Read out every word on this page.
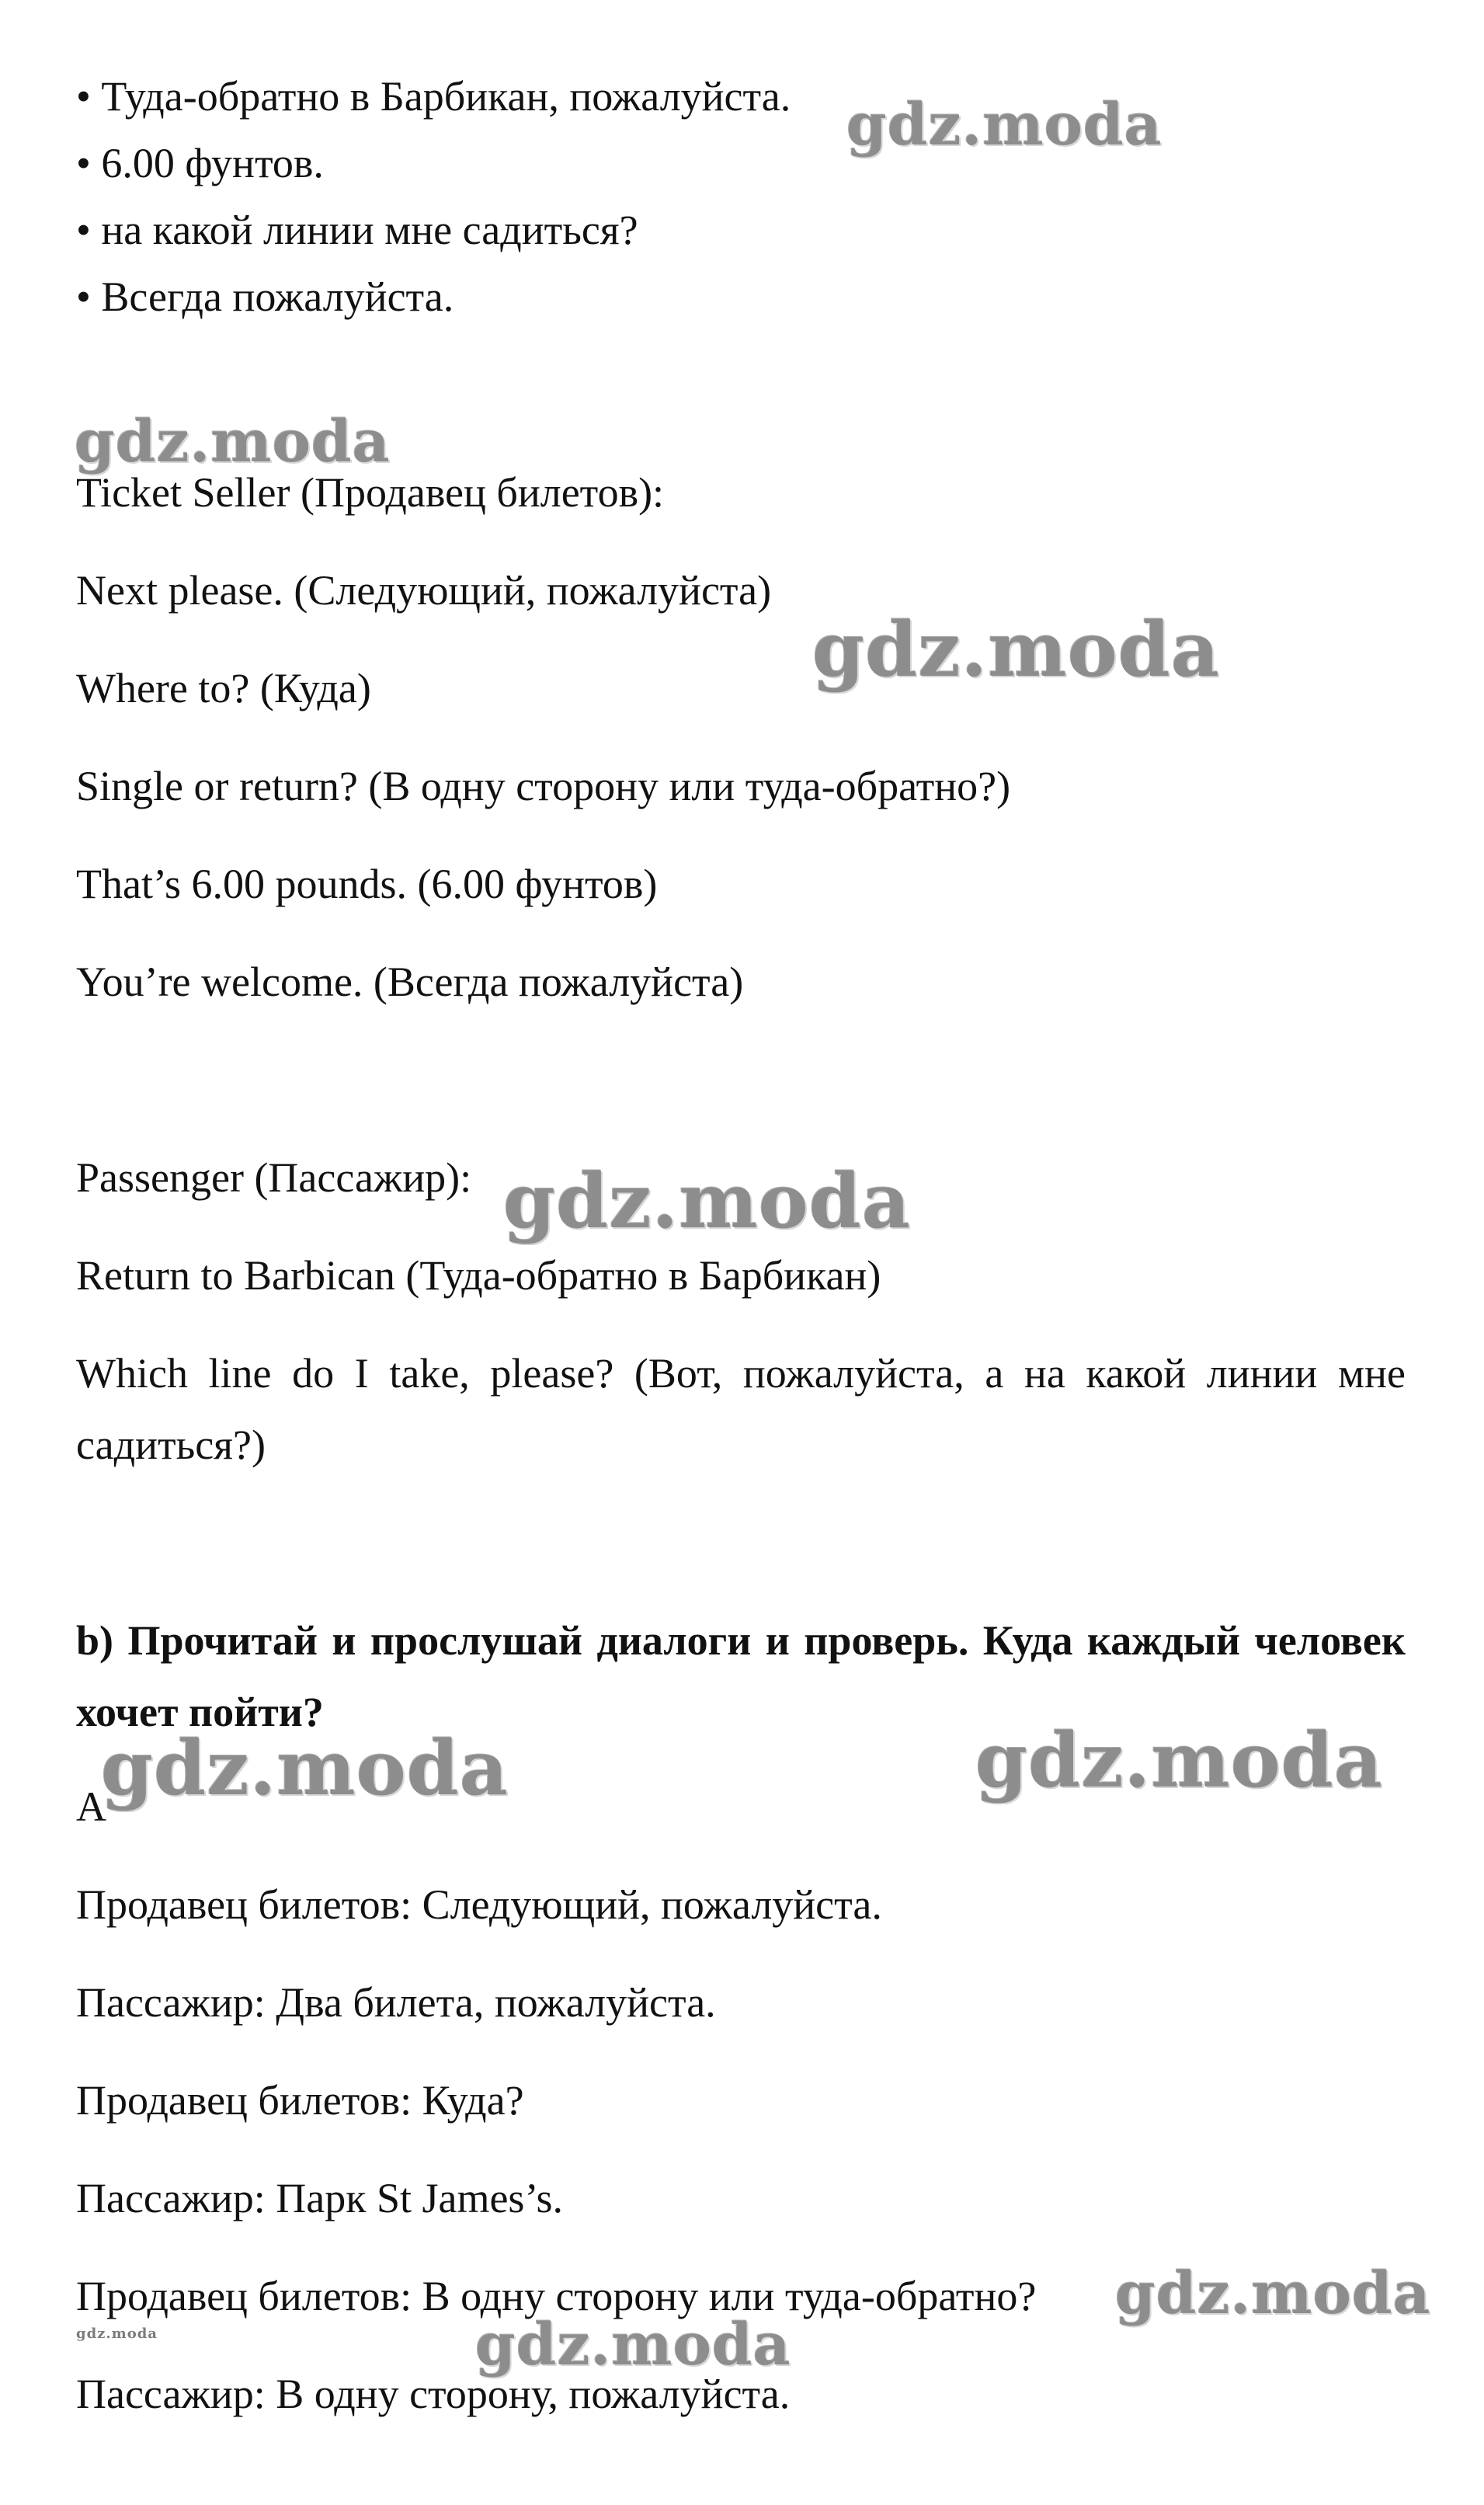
• Туда-обратно в Барбикан, пожалуйста.

• 6.00 фунтов.

• на какой линии мне садиться?

• Всегда пожалуйста.

Ticket Seller (Продавец билетов):

Next please. (Следующий, пожалуйста)

Where to? (Куда)

Single or return? (В одну сторону или туда-обратно?)

That’s 6.00 pounds. (6.00 фунтов)

You’re welcome. (Всегда пожалуйста)

Passenger (Пассажир):

Return to Barbican (Туда-обратно в Барбикан)

Which line do I take, please? (Вот, пожалуйста, а на какой линии мне садиться?)

b) Прочитай и прослушай диалоги и проверь. Куда каждый человек хочет пойти?

A

Продавец билетов: Следующий, пожалуйста.

Пассажир: Два билета, пожалуйста.

Продавец билетов: Куда?

Пассажир: Парк St James’s.

Продавец билетов: В одну сторону или туда-обратно?

Пассажир: В одну сторону, пожалуйста.

gdz.moda
gdz.moda
gdz.moda
gdz.moda
gdz.moda	gdz.moda
gdz.moda
gdz.moda
gdz.moda
